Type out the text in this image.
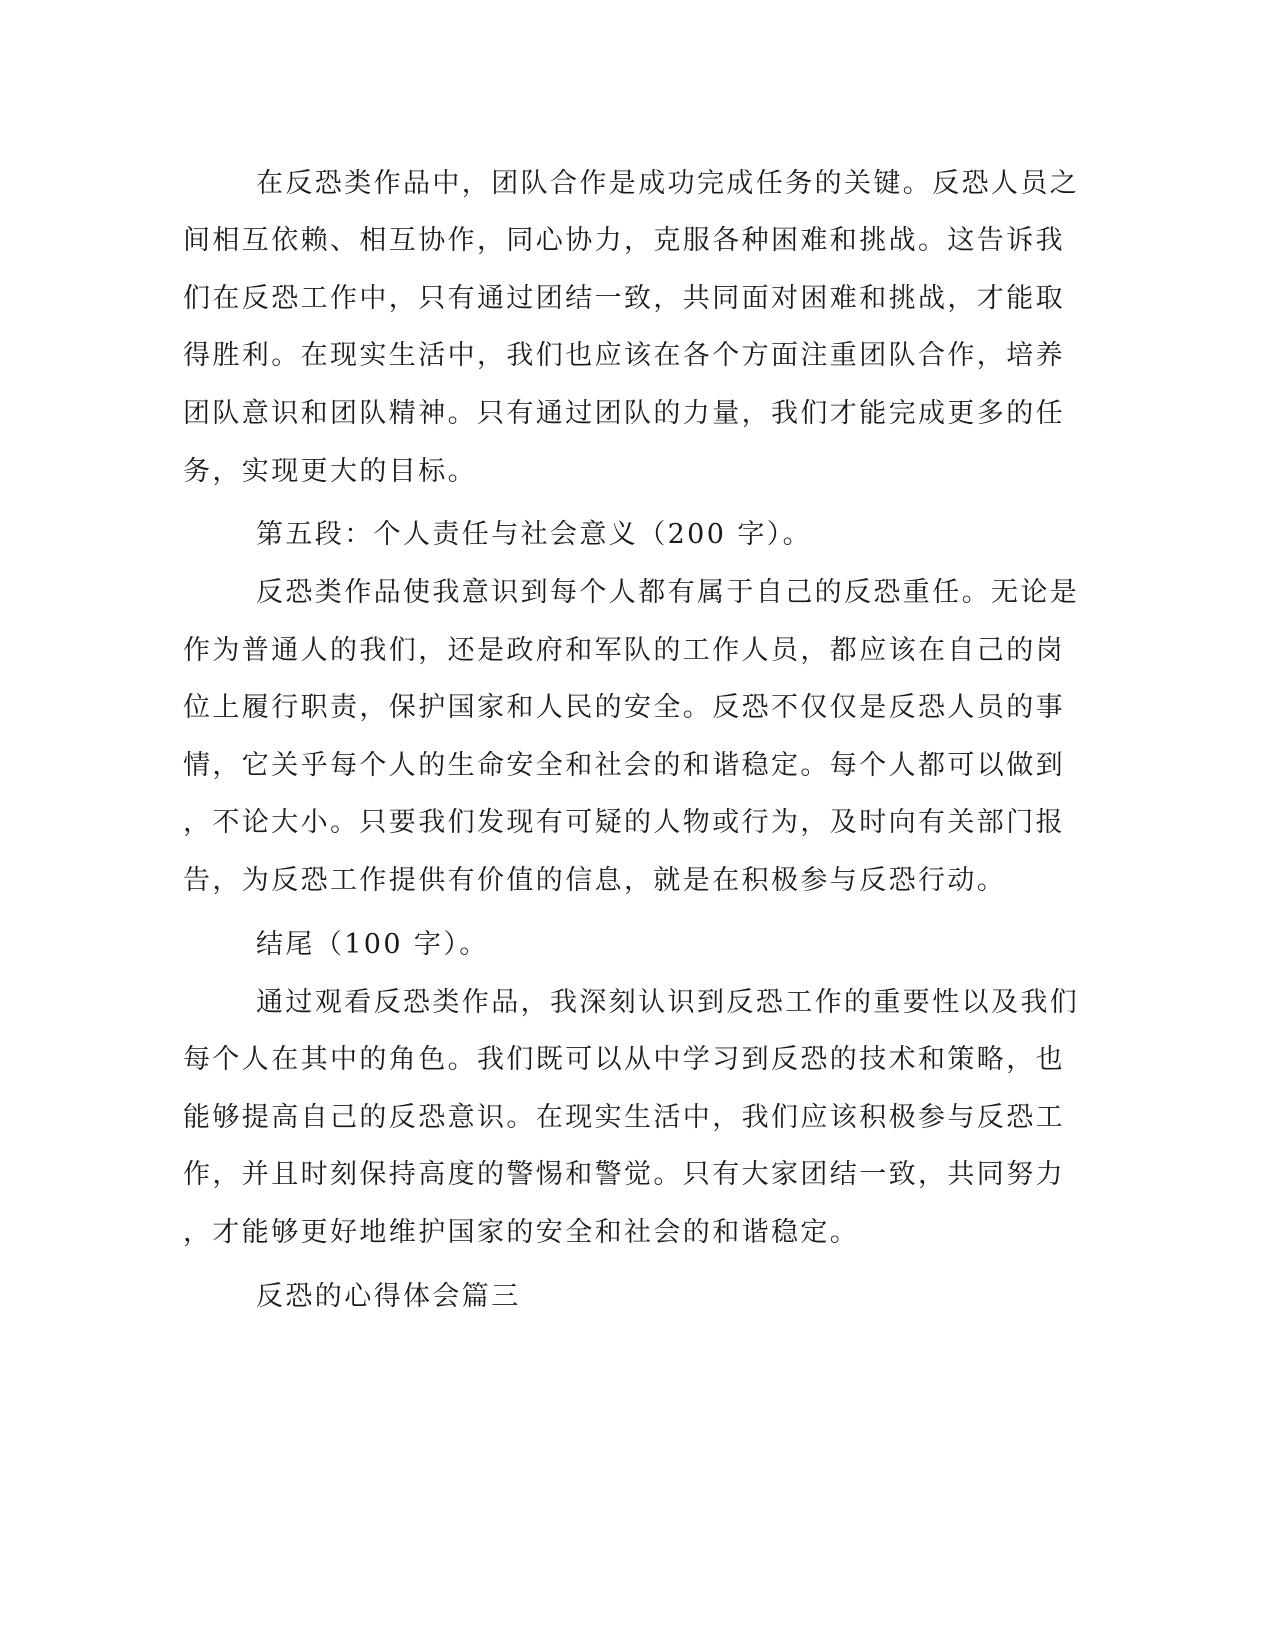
在反恐类作品中，团队合作是成功完成任务的关键。反恐人员之

间相互依赖、相互协作，同心协力，克服各种困难和挑战。这告诉我

们在反恐工作中，只有通过团结一致，共同面对困难和挑战，才能取

得胜利。在现实生活中，我们也应该在各个方面注重团队合作，培养

团队意识和团队精神。只有通过团队的力量，我们才能完成更多的任

务，实现更大的目标。

第五段：个人责任与社会意义（200 字）。

反恐类作品使我意识到每个人都有属于自己的反恐重任。无论是

作为普通人的我们，还是政府和军队的工作人员，都应该在自己的岗

位上履行职责，保护国家和人民的安全。反恐不仅仅是反恐人员的事

情，它关乎每个人的生命安全和社会的和谐稳定。每个人都可以做到

，不论大小。只要我们发现有可疑的人物或行为，及时向有关部门报

告，为反恐工作提供有价值的信息，就是在积极参与反恐行动。

结尾（100 字）。

通过观看反恐类作品，我深刻认识到反恐工作的重要性以及我们

每个人在其中的角色。我们既可以从中学习到反恐的技术和策略，也

能够提高自己的反恐意识。在现实生活中，我们应该积极参与反恐工

作，并且时刻保持高度的警惕和警觉。只有大家团结一致，共同努力

，才能够更好地维护国家的安全和社会的和谐稳定。

反恐的心得体会篇三
